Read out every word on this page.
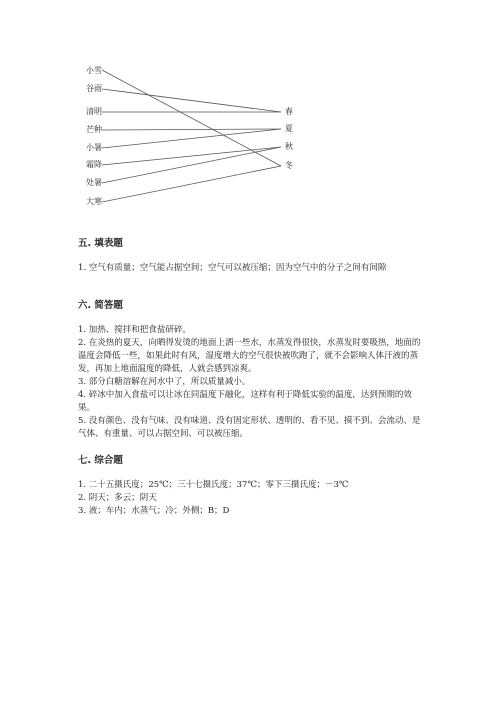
小雪
谷雨
清明
芒种
小暑
霜降
处暑
大寒
春
夏
秋
冬
五. 填表题

1. 空气有质量；空气能占据空间；空气可以被压缩；因为空气中的分子之间有间隙

六. 简答题

1. 加热、搅拌和把食盐研碎。

2. 在炎热的夏天，向晒得发烫的地面上洒一些水，水蒸发得很快，水蒸发时要吸热，地面的温度会降低一些，如果此时有风，湿度增大的空气很快被吹跑了，就不会影响人体汗液的蒸发，再加上地面温度的降低，人就会感到凉爽。

3. 部分白糖溶解在河水中了，所以质量减小。

4. 碎冰中加入食盐可以让冰在同温度下融化，这样有利于降低实验的温度，达到预期的效果。

5. 没有颜色、没有气味、没有味道、没有固定形状、透明的、看不见、摸不到、会流动、是气体、有重量、可以占据空间、可以被压缩。

七. 综合题

1. 二十五摄氏度；25℃；三十七摄氏度；37℃；零下三摄氏度；－3℃

2. 阴天；多云；阴天

3. 液；车内；水蒸气；冷；外侧；B；D
